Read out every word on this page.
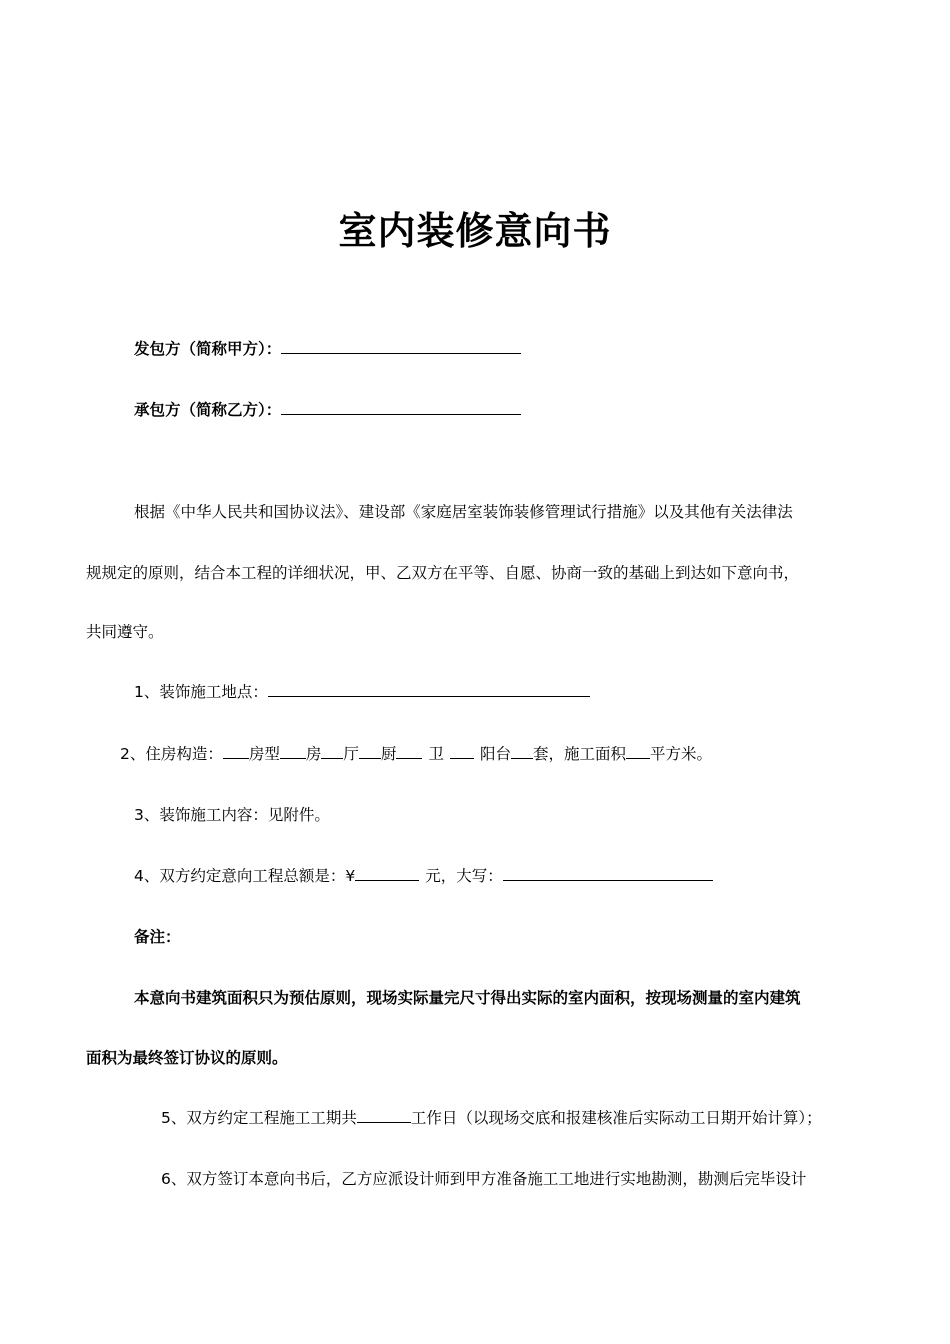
室内装修意向书
发包方（简称甲方）：
承包方（简称乙方）：
根据《中华人民共和国协议法》、建设部《家庭居室装饰装修管理试行措施》以及其他有关法律法
规规定的原则，结合本工程的详细状况，甲、乙双方在平等、自愿、协商一致的基础上到达如下意向书，
共同遵守。
1、装饰施工地点：
2、住房构造： 房型 房 厅 厨 卫 阳台 套，施工面积 平方米。
3、装饰施工内容：见附件。
4、双方约定意向工程总额是：¥	元，大写：
备注：
本意向书建筑面积只为预估原则，现场实际量完尺寸得出实际的室内面积，按现场测量的室内建筑
面积为最终签订协议的原则。
5、双方约定工程施工工期共	工作日（以现场交底和报建核准后实际动工日期开始计算）；
6、双方签订本意向书后，乙方应派设计师到甲方准备施工工地进行实地勘测，勘测后完毕设计
